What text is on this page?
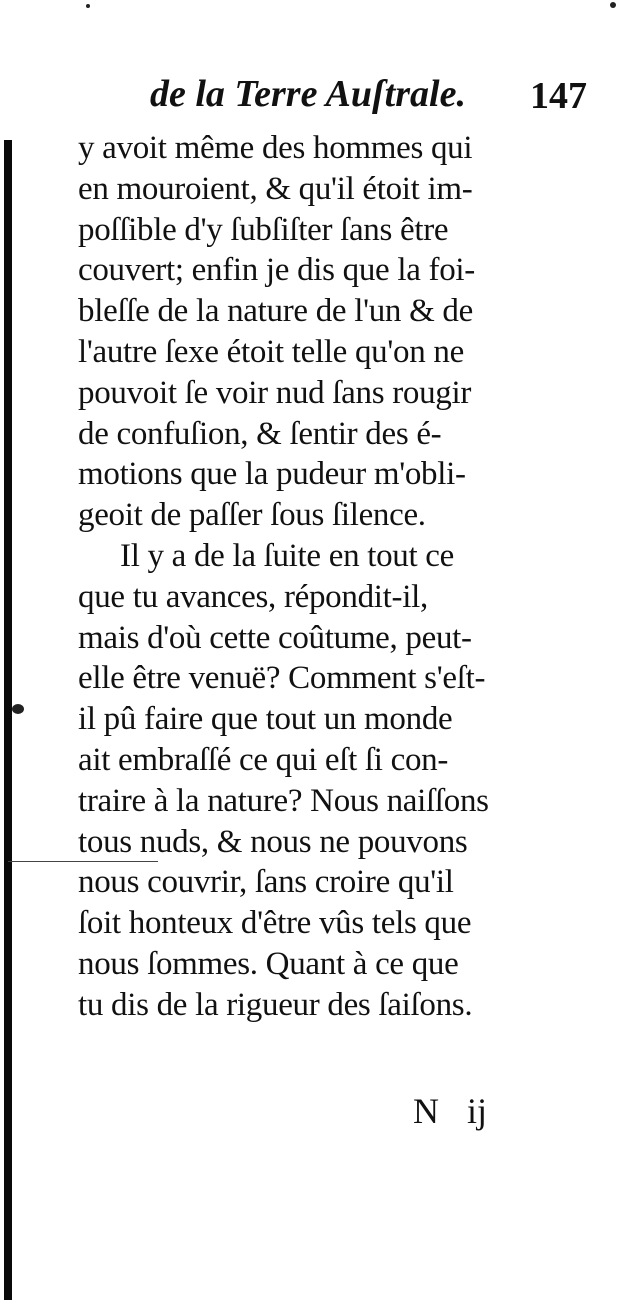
de la Terre Auſtrale. 147
y avoit même des hommes qui
en mouroient, & qu'il étoit im-
poſſible d'y ſubſiſter ſans être
couvert; enfin je dis que la foi-
bleſſe de la nature de l'un & de
l'autre ſexe étoit telle qu'on ne
pouvoit ſe voir nud ſans rougir
de confuſion, & ſentir des é-
motions que la pudeur m'obli-
geoit de paſſer ſous ſilence.
Il y a de la ſuite en tout ce
que tu avances, répondit-il,
mais d'où cette coûtume, peut-
elle être venuë? Comment s'eſt-
il pû faire que tout un monde
ait embraſſé ce qui eſt ſi con-
traire à la nature? Nous naiſſons
tous nuds, & nous ne pouvons
nous couvrir, ſans croire qu'il
ſoit honteux d'être vûs tels que
nous ſommes. Quant à ce que
tu dis de la rigueur des ſaiſons.
N ij
